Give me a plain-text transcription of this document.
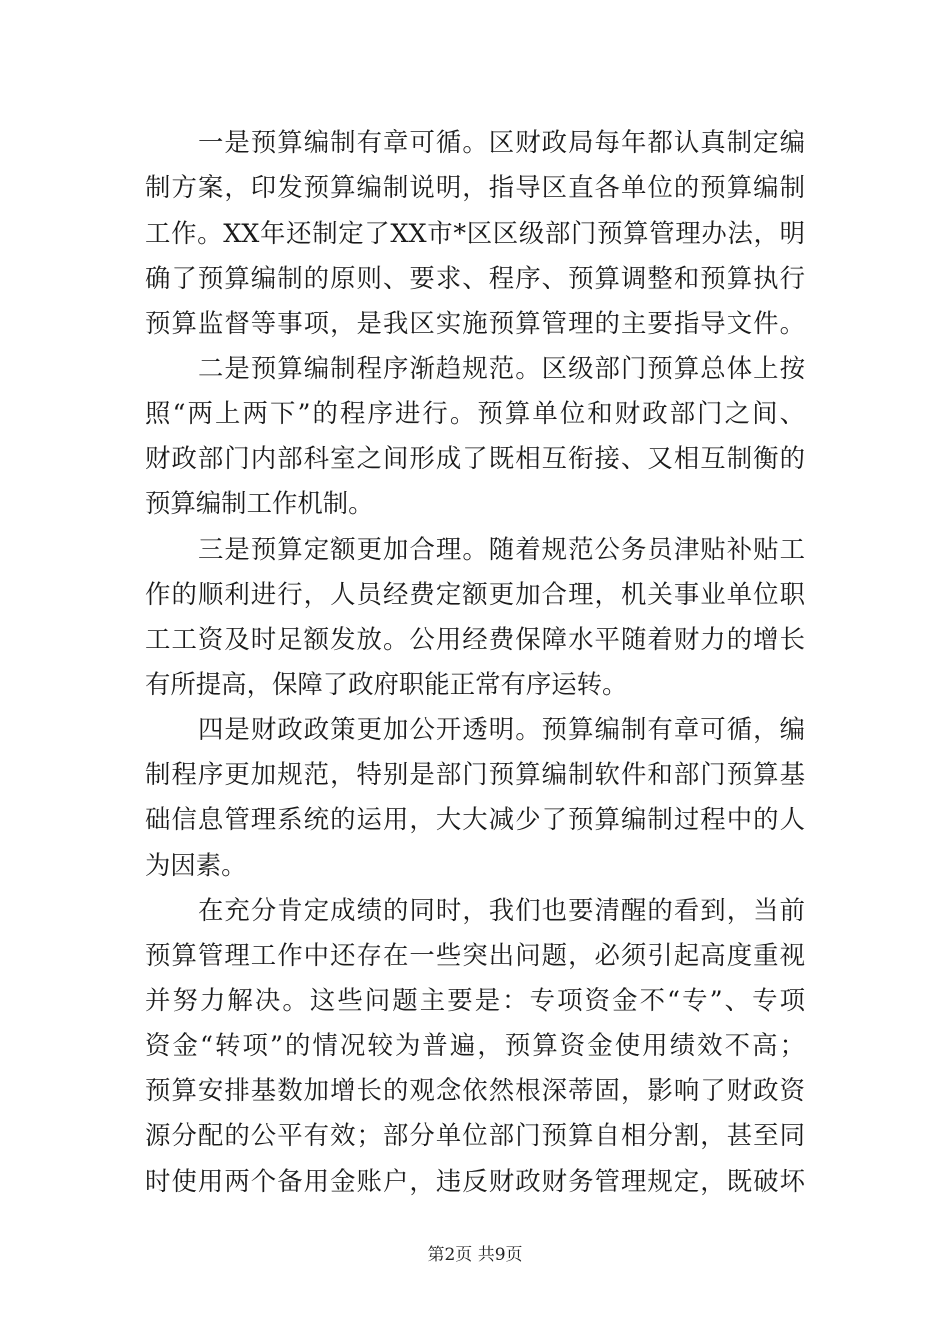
一是预算编制有章可循。区财政局每年都认真制定编
制方案，印发预算编制说明，指导区直各单位的预算编制
工作。XX年还制定了XX市*区区级部门预算管理办法，明
确了预算编制的原则、要求、程序、预算调整和预算执行
预算监督等事项，是我区实施预算管理的主要指导文件。
二是预算编制程序渐趋规范。区级部门预算总体上按
照“两上两下”的程序进行。预算单位和财政部门之间、
财政部门内部科室之间形成了既相互衔接、又相互制衡的
预算编制工作机制。
三是预算定额更加合理。随着规范公务员津贴补贴工
作的顺利进行，人员经费定额更加合理，机关事业单位职
工工资及时足额发放。公用经费保障水平随着财力的增长
有所提高，保障了政府职能正常有序运转。
四是财政政策更加公开透明。预算编制有章可循，编
制程序更加规范，特别是部门预算编制软件和部门预算基
础信息管理系统的运用，大大减少了预算编制过程中的人
为因素。
在充分肯定成绩的同时，我们也要清醒的看到，当前
预算管理工作中还存在一些突出问题，必须引起高度重视
并努力解决。这些问题主要是：专项资金不“专”、专项
资金“转项”的情况较为普遍，预算资金使用绩效不高；
预算安排基数加增长的观念依然根深蒂固，影响了财政资
源分配的公平有效；部分单位部门预算自相分割，甚至同
时使用两个备用金账户，违反财政财务管理规定，既破坏
第2页 共9页
